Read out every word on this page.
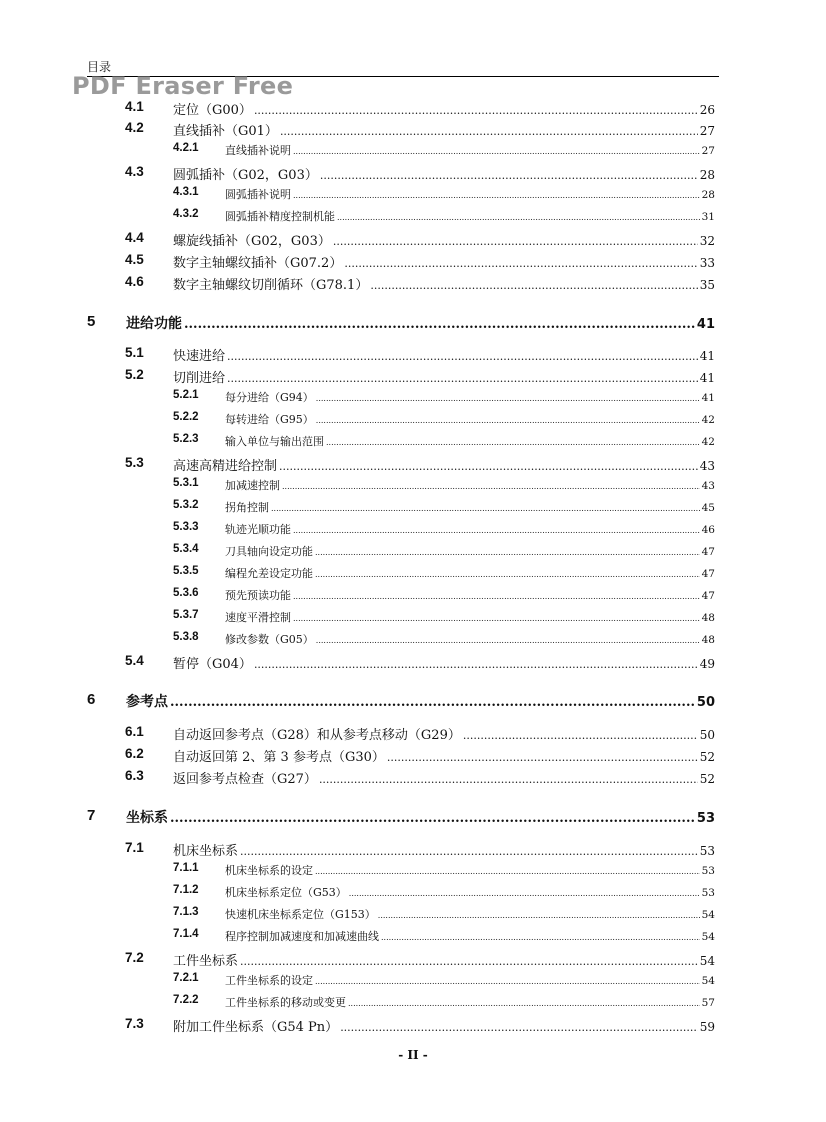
目录
PDF Eraser Free
4.1 定位（G00） .....	26
4.2 直线插补（G01） .....	27
4.2.1 直线插补说明 .....	27
4.3 圆弧插补（G02，G03） .....	28
4.3.1 圆弧插补说明 .....	28
4.3.2 圆弧插补精度控制机能 .....	31
4.4 螺旋线插补（G02，G03） .....	32
4.5 数字主轴螺纹插补（G07.2） .....	33
4.6 数字主轴螺纹切削循环（G78.1） .....	35
5 进给功能 .....	41
5.1 快速进给 .....	41
5.2 切削进给 .....	41
5.2.1 每分进给（G94） .....	41
5.2.2 每转进给（G95） .....	42
5.2.3 输入单位与输出范围 .....	42
5.3 高速高精进给控制 .....	43
5.3.1 加减速控制 .....	43
5.3.2 拐角控制 .....	45
5.3.3 轨迹光顺功能 .....	46
5.3.4 刀具轴向设定功能 .....	47
5.3.5 编程允差设定功能 .....	47
5.3.6 预先预读功能 .....	47
5.3.7 速度平滑控制 .....	48
5.3.8 修改参数（G05） .....	48
5.4 暂停（G04） .....	49
6 参考点 .....	50
6.1 自动返回参考点（G28）和从参考点移动（G29） .....	50
6.2 自动返回第 2、第 3 参考点（G30） .....	52
6.3 返回参考点检查（G27） .....	52
7 坐标系 .....	53
7.1 机床坐标系 .....	53
7.1.1 机床坐标系的设定 .....	53
7.1.2 机床坐标系定位（G53） .....	53
7.1.3 快速机床坐标系定位（G153） .....	54
7.1.4 程序控制加减速度和加减速曲线 .....	54
7.2 工件坐标系 .....	54
7.2.1 工件坐标系的设定 .....	54
7.2.2 工件坐标系的移动或变更 .....	57
7.3 附加工件坐标系（G54 Pn） .....	59
- II -
